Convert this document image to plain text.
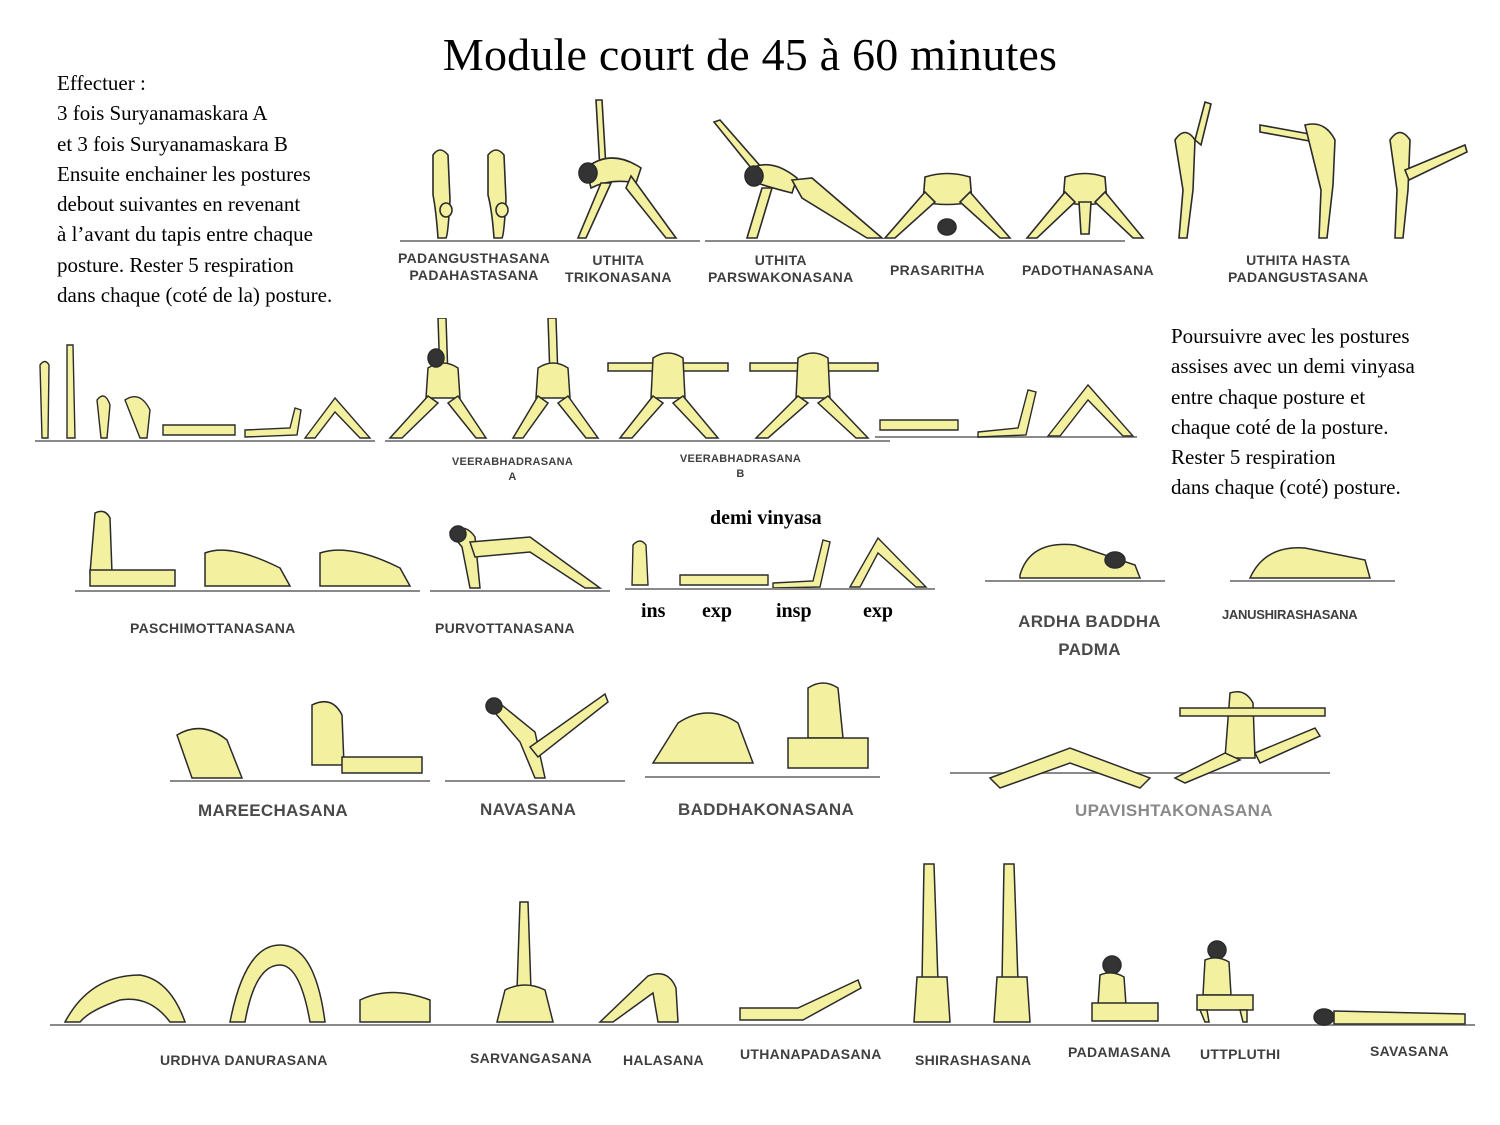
Module court de 45 à 60 minutes
Effectuer :
3 fois Suryanamaskara A
et 3 fois Suryanamaskara B
Ensuite enchainer les postures
debout suivantes en revenant
à l’avant du tapis entre chaque
posture. Rester 5 respiration
dans chaque (coté de la) posture.
Poursuivre avec les postures
assises avec un demi vinyasa
entre chaque posture et
chaque coté de la posture.
Rester 5 respiration
dans chaque (coté) posture.
PADANGUSTHASANA
PADAHASTASANA
UTHITA
TRIKONASANA
UTHITA
PARSWAKONASANA	PRASARITHA	PADOTHANASANA
UTHITA HASTA
PADANGUSTASANA
VEERABHADRASANA
A
VEERABHADRASANA
B
PASCHIMOTTANASANA	PURVOTTANASANA
demi vinyasa
ins exp insp	exp	ARDHA BADDHA
PADMA
JANUSHIRASHASANA
MAREECHASANA	NAVASANA	BADDHAKONASANA	UPAVISHTAKONASANA
URDHVA DANURASANA	SARVANGASANA HALASANA	UTHANAPADASANA SHIRASHASANA	PADAMASANA UTTPLUTHI	SAVASANA
